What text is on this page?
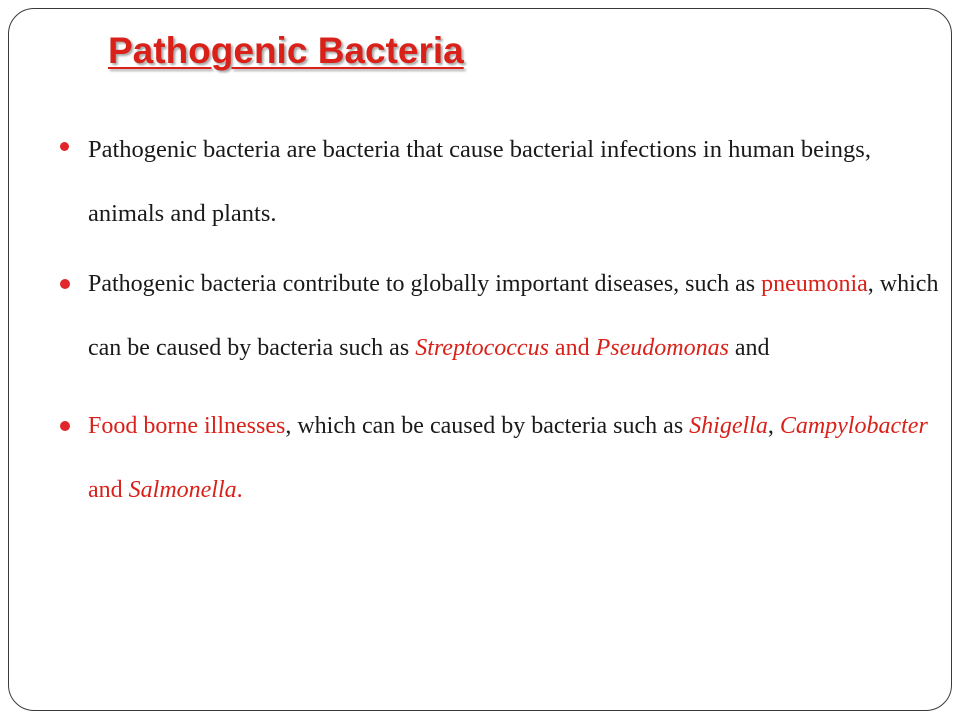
Pathogenic Bacteria
Pathogenic bacteria are bacteria that cause bacterial infections in human beings, animals and plants.
Pathogenic bacteria contribute to globally important diseases, such as pneumonia, which can be caused by bacteria such as Streptococcus and Pseudomonas and
Food borne illnesses, which can be caused by bacteria such as Shigella, Campylobacter and Salmonella.
